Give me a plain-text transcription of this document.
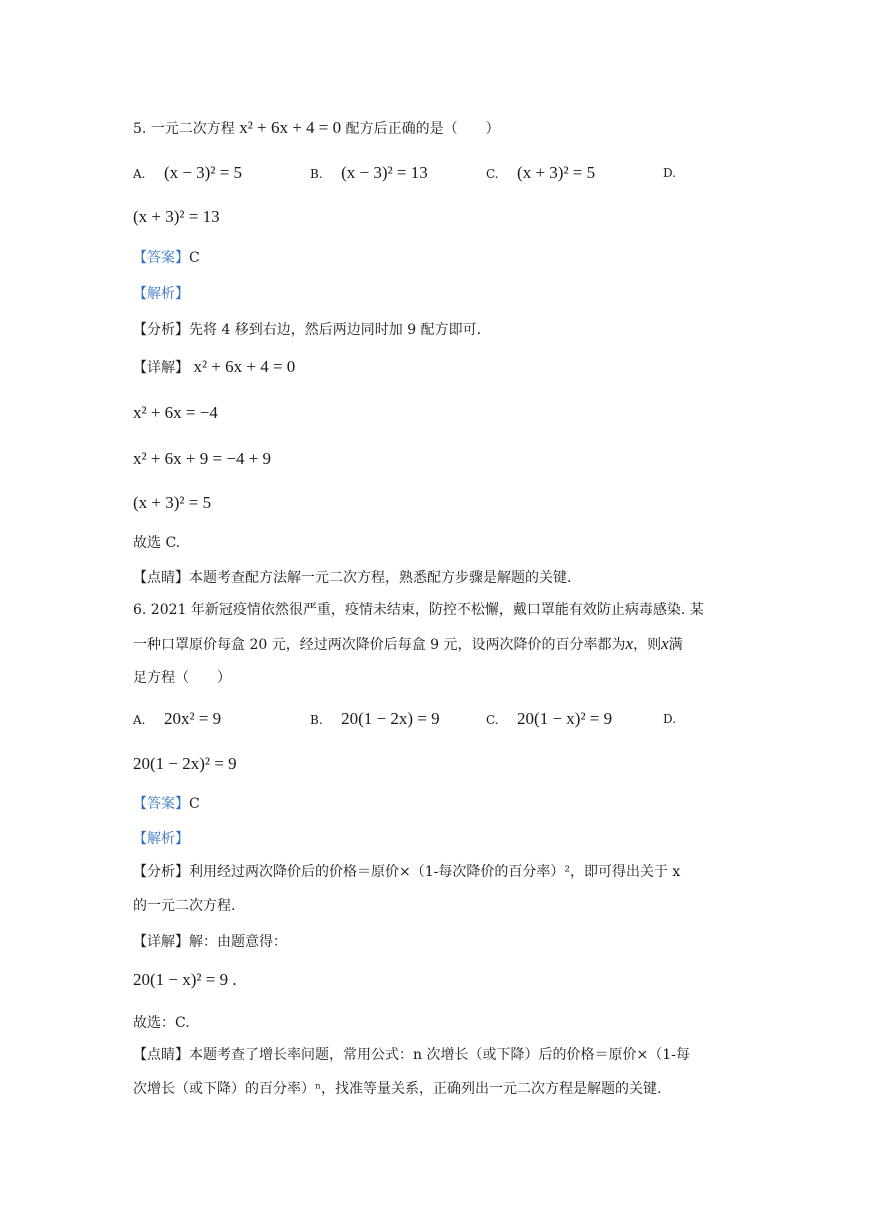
5. 一元二次方程 x² + 6x + 4 = 0 配方后正确的是（　　）
A. (x − 3)² = 5	B. (x − 3)² = 13	C. (x + 3)² = 5	D.
(x + 3)² = 13
【答案】C
【解析】
【分析】先将 4 移到右边，然后两边同时加 9 配方即可.
【详解】 x² + 6x + 4 = 0
x² + 6x = −4
x² + 6x + 9 = −4 + 9
(x + 3)² = 5
故选 C.
【点睛】本题考查配方法解一元二次方程，熟悉配方步骤是解题的关键.
6. 2021 年新冠疫情依然很严重，疫情未结束，防控不松懈，戴口罩能有效防止病毒感染. 某
一种口罩原价每盒 20 元，经过两次降价后每盒 9 元，设两次降价的百分率都为x，则x满
足方程（　　）
A. 20x² = 9	B. 20(1 − 2x) = 9	C. 20(1 − x)² = 9	D.
20(1 − 2x)² = 9
【答案】C
【解析】
【分析】利用经过两次降价后的价格＝原价×（1-每次降价的百分率）²，即可得出关于 x
的一元二次方程.
【详解】解：由题意得：
20(1 − x)² = 9 .
故选：C.
【点睛】本题考查了增长率问题，常用公式：n 次增长（或下降）后的价格＝原价×（1-每
次增长（或下降）的百分率）ⁿ，找准等量关系，正确列出一元二次方程是解题的关键.
